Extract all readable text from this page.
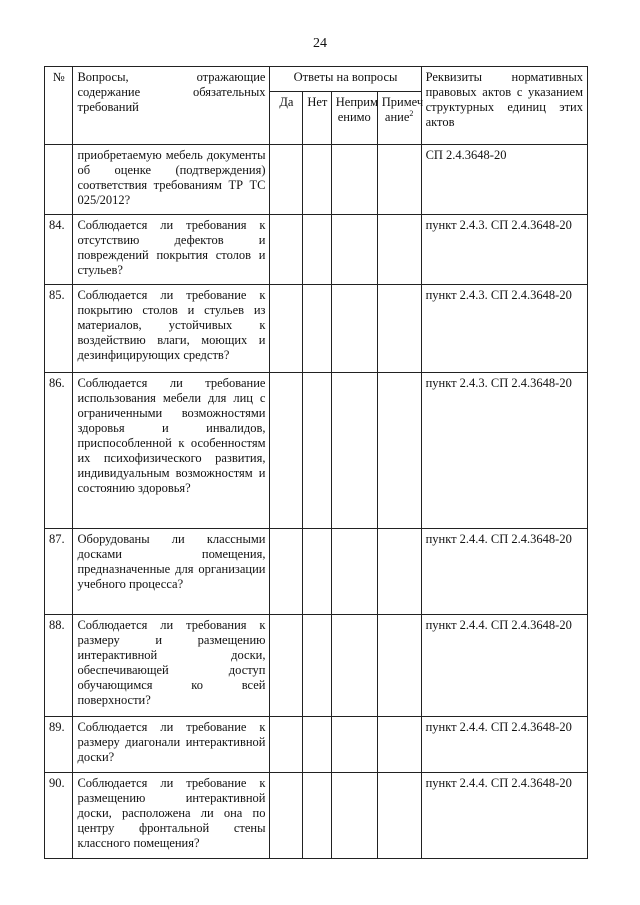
24
№	Вопросы, отражающие содержание обязательных требований	Ответы на вопросы				Реквизиты нормативных правовых актов с указанием структурных единиц этих актов
		Да	Нет	Неприм енимо	Примеч ание$^2$
	приобретаемую мебель документы об оценке (подтверждения) соответствия требованиям ТР ТС 025/2012?					СП 2.4.3648-20
84.	Соблюдается ли требования к отсутствию дефектов и повреждений покрытия столов и стульев?					пункт 2.4.3. СП 2.4.3648-20
85.	Соблюдается ли требование к покрытию столов и стульев из материалов, устойчивых к воздействию влаги, моющих и дезинфицирующих средств?					пункт 2.4.3. СП 2.4.3648-20
86.	Соблюдается ли требование использования мебели для лиц с ограниченными возможностями здоровья и инвалидов, приспособленной к особенностям их психофизического развития, индивидуальным возможностям и состоянию здоровья?					пункт 2.4.3. СП 2.4.3648-20
87.	Оборудованы ли классными досками помещения, предназначенные для организации учебного процесса?					пункт 2.4.4. СП 2.4.3648-20
88.	Соблюдается ли требования к размеру и размещению интерактивной доски, обеспечивающей доступ обучающимся ко всей поверхности?					пункт 2.4.4. СП 2.4.3648-20
89.	Соблюдается ли требование к размеру диагонали интерактивной доски?					пункт 2.4.4. СП 2.4.3648-20
90.	Соблюдается ли требование к размещению интерактивной доски, расположена ли она по центру фронтальной стены классного помещения?					пункт 2.4.4. СП 2.4.3648-20
